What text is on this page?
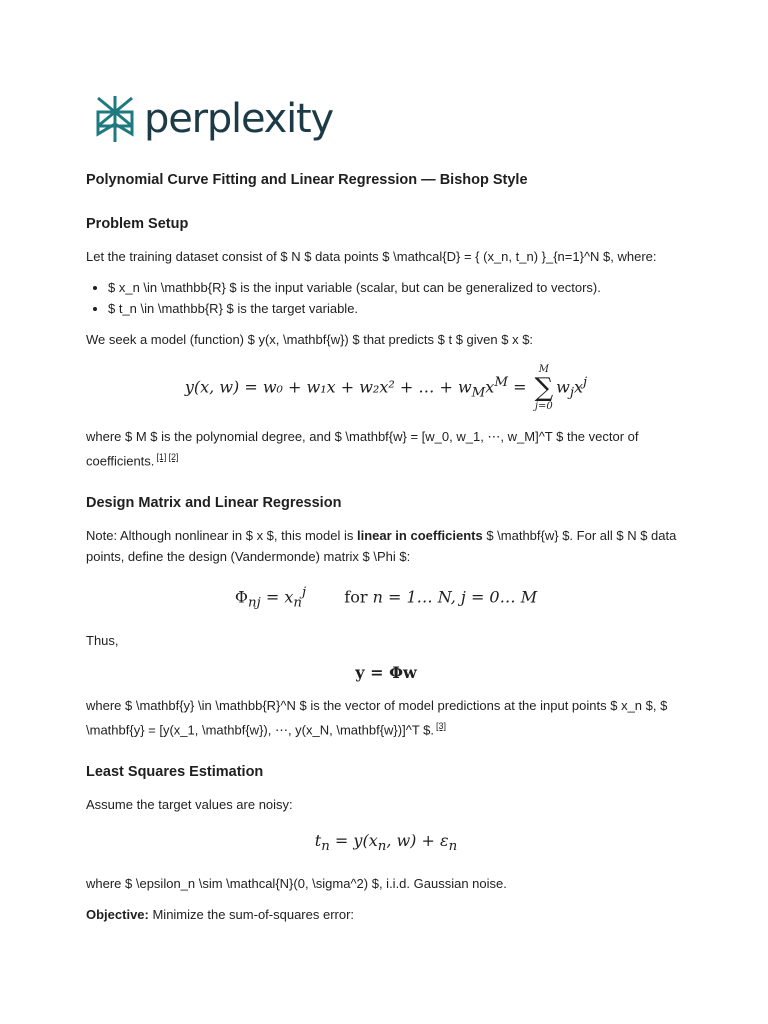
perplexity
Polynomial Curve Fitting and Linear Regression — Bishop Style
Problem Setup

Let the training dataset consist of $ N $ data points $ \mathcal{D} = { (x_n, t_n) }_{n=1}^N $, where:

• $ x_n \in \mathbb{R} $ is the input variable (scalar, but can be generalized to vectors).
• $ t_n \in \mathbb{R} $ is the target variable.

We seek a model (function) $ y(x, \mathbf{w}) $ that predicts $ t $ given $ x $:

y(x, w) = w₀ + w₁x + w₂x² + … + $w_Mx^M$ =
M
∑
j=0
$w_jx^j$

where $ M $ is the polynomial degree, and $ \mathbf{w} = [w_0, w_1, ⋯, w_M]^T $ the vector of coefficients. [1] [2]

Design Matrix and Linear Regression

Note: Although nonlinear in $ x $, this model is linear in coefficients $ \mathbf{w} $. For all $ N $ data points, define the design (Vandermonde) matrix $ \Phi $:

$\Phi_{nj} = x_n^j$ for n = 1… N, j = 0… M

Thus,

y = Φw

where $ \mathbf{y} \in \mathbb{R}^N $ is the vector of model predictions at the input points $ x_n $, $ \mathbf{y} = [y(x_1, \mathbf{w}), ⋯, y(x_N, \mathbf{w})]^T $. [3]

Least Squares Estimation

Assume the target values are noisy:

$t_n = y(x_n$, $w) + \varepsilon_n$

where $ \epsilon_n \sim \mathcal{N}(0, \sigma^2) $, i.i.d. Gaussian noise.

Objective: Minimize the sum-of-squares error:
